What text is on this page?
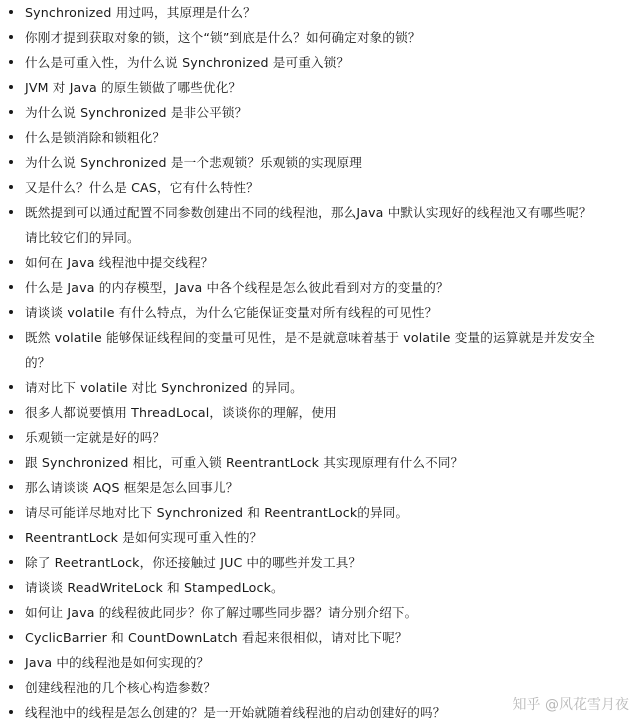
Synchronized 用过吗，其原理是什么？
你刚才提到获取对象的锁，这个“锁”到底是什么？如何确定对象的锁？
什么是可重入性，为什么说 Synchronized 是可重入锁？
JVM 对 Java 的原生锁做了哪些优化？
为什么说 Synchronized 是非公平锁？
什么是锁消除和锁粗化？
为什么说 Synchronized 是一个悲观锁？乐观锁的实现原理
又是什么？什么是 CAS，它有什么特性？
既然提到可以通过配置不同参数创建出不同的线程池，那么Java 中默认实现好的线程池又有哪些呢？请比较它们的异同。
如何在 Java 线程池中提交线程？
什么是 Java 的内存模型，Java 中各个线程是怎么彼此看到对方的变量的？
请谈谈 volatile 有什么特点，为什么它能保证变量对所有线程的可见性？
既然 volatile 能够保证线程间的变量可见性，是不是就意味着基于 volatile 变量的运算就是并发安全的？
请对比下 volatile 对比 Synchronized 的异同。
很多人都说要慎用 ThreadLocal，谈谈你的理解，使用
乐观锁一定就是好的吗？
跟 Synchronized 相比，可重入锁 ReentrantLock 其实现原理有什么不同？
那么请谈谈 AQS 框架是怎么回事儿？
请尽可能详尽地对比下 Synchronized 和 ReentrantLock的异同。
ReentrantLock 是如何实现可重入性的？
除了 ReetrantLock，你还接触过 JUC 中的哪些并发工具？
请谈谈 ReadWriteLock 和 StampedLock。
如何让 Java 的线程彼此同步？你了解过哪些同步器？请分别介绍下。
CyclicBarrier 和 CountDownLatch 看起来很相似，请对比下呢？
Java 中的线程池是如何实现的？
创建线程池的几个核心构造参数？
线程池中的线程是怎么创建的？是一开始就随着线程池的启动创建好的吗？	知乎 @风花雪月夜
